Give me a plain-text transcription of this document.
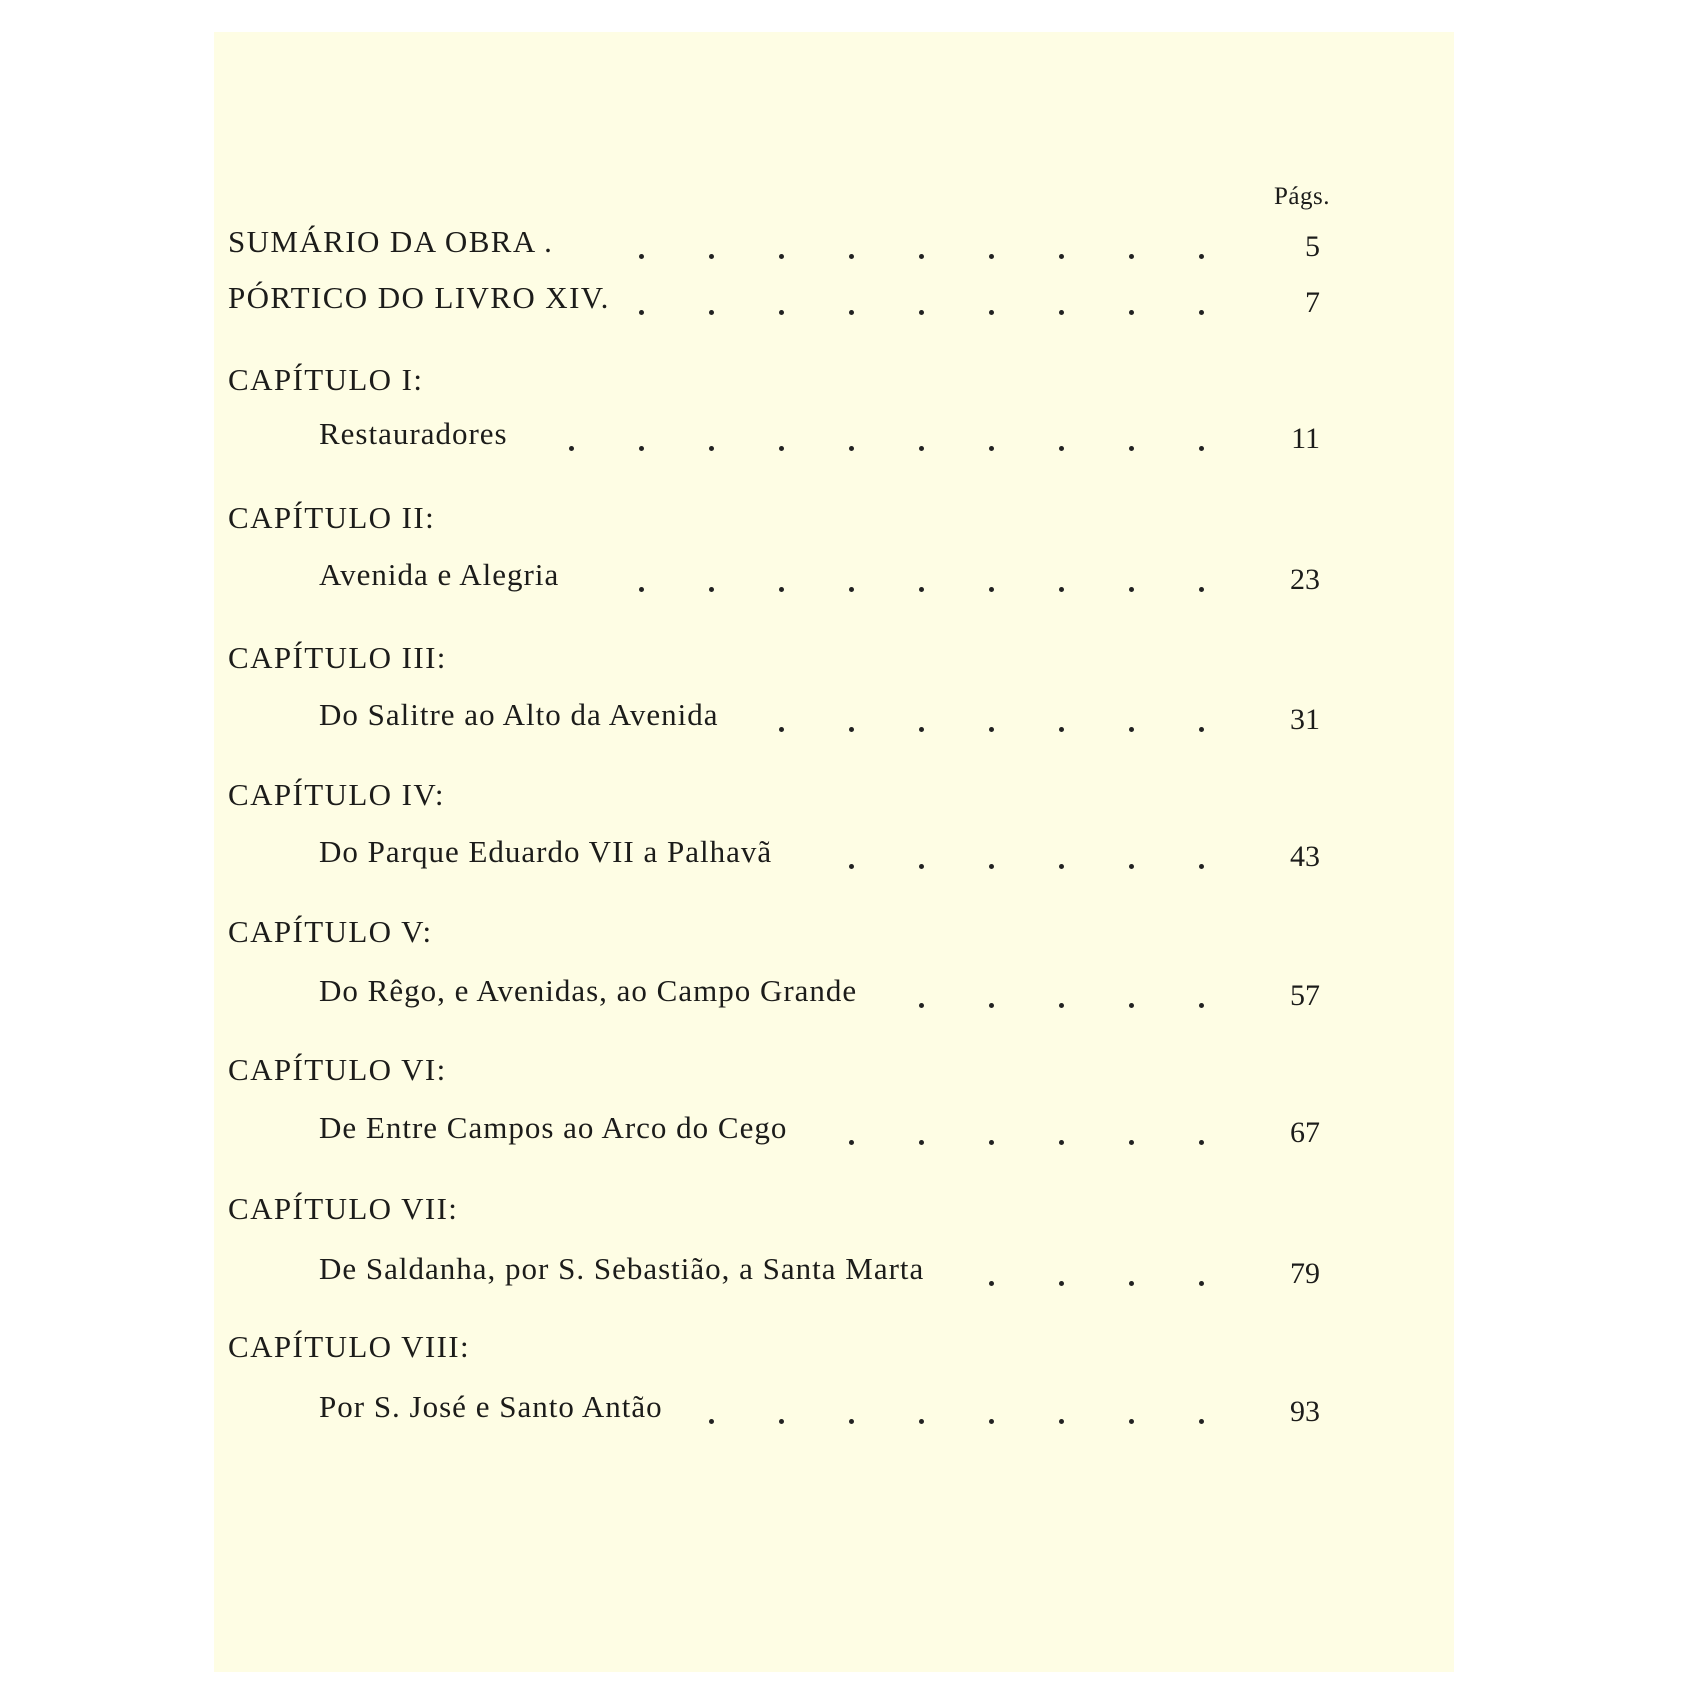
Págs.
SUMÁRIO DA OBRA .	5
PÓRTICO DO LIVRO XIV.	7
CAPÍTULO I:
Restauradores	11
CAPÍTULO II:
Avenida e Alegria	23
CAPÍTULO III:
Do Salitre ao Alto da Avenida	31
CAPÍTULO IV:
Do Parque Eduardo VII a Palhavã	43
CAPÍTULO V:
Do Rêgo, e Avenidas, ao Campo Grande	57
CAPÍTULO VI:
De Entre Campos ao Arco do Cego	67
CAPÍTULO VII:
De Saldanha, por S. Sebastião, a Santa Marta	79
CAPÍTULO VIII:
Por S. José e Santo Antão	93
